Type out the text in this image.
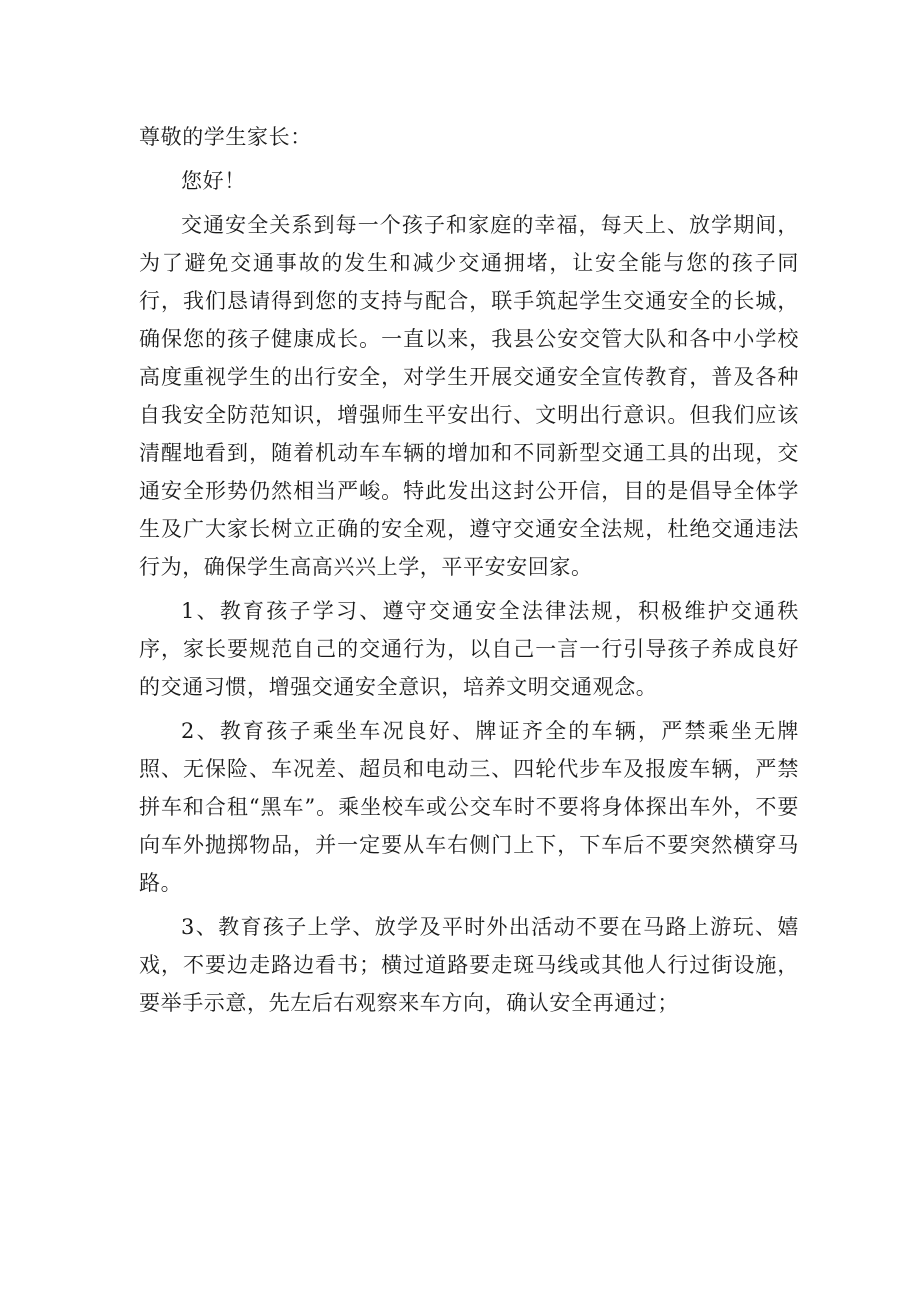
尊敬的学生家长：

您好！

交通安全关系到每一个孩子和家庭的幸福，每天上、放学期间，为了避免交通事故的发生和减少交通拥堵，让安全能与您的孩子同行，我们恳请得到您的支持与配合，联手筑起学生交通安全的长城，确保您的孩子健康成长。一直以来，我县公安交管大队和各中小学校高度重视学生的出行安全，对学生开展交通安全宣传教育，普及各种自我安全防范知识，增强师生平安出行、文明出行意识。但我们应该清醒地看到，随着机动车车辆的增加和不同新型交通工具的出现，交通安全形势仍然相当严峻。特此发出这封公开信，目的是倡导全体学生及广大家长树立正确的安全观，遵守交通安全法规，杜绝交通违法行为，确保学生高高兴兴上学，平平安安回家。

1、教育孩子学习、遵守交通安全法律法规，积极维护交通秩序，家长要规范自己的交通行为，以自己一言一行引导孩子养成良好的交通习惯，增强交通安全意识，培养文明交通观念。

2、教育孩子乘坐车况良好、牌证齐全的车辆，严禁乘坐无牌照、无保险、车况差、超员和电动三、四轮代步车及报废车辆，严禁拼车和合租“黑车”。乘坐校车或公交车时不要将身体探出车外，不要向车外抛掷物品，并一定要从车右侧门上下，下车后不要突然横穿马路。

3、教育孩子上学、放学及平时外出活动不要在马路上游玩、嬉戏，不要边走路边看书；横过道路要走斑马线或其他人行过街设施，要举手示意，先左后右观察来车方向，确认安全再通过；
